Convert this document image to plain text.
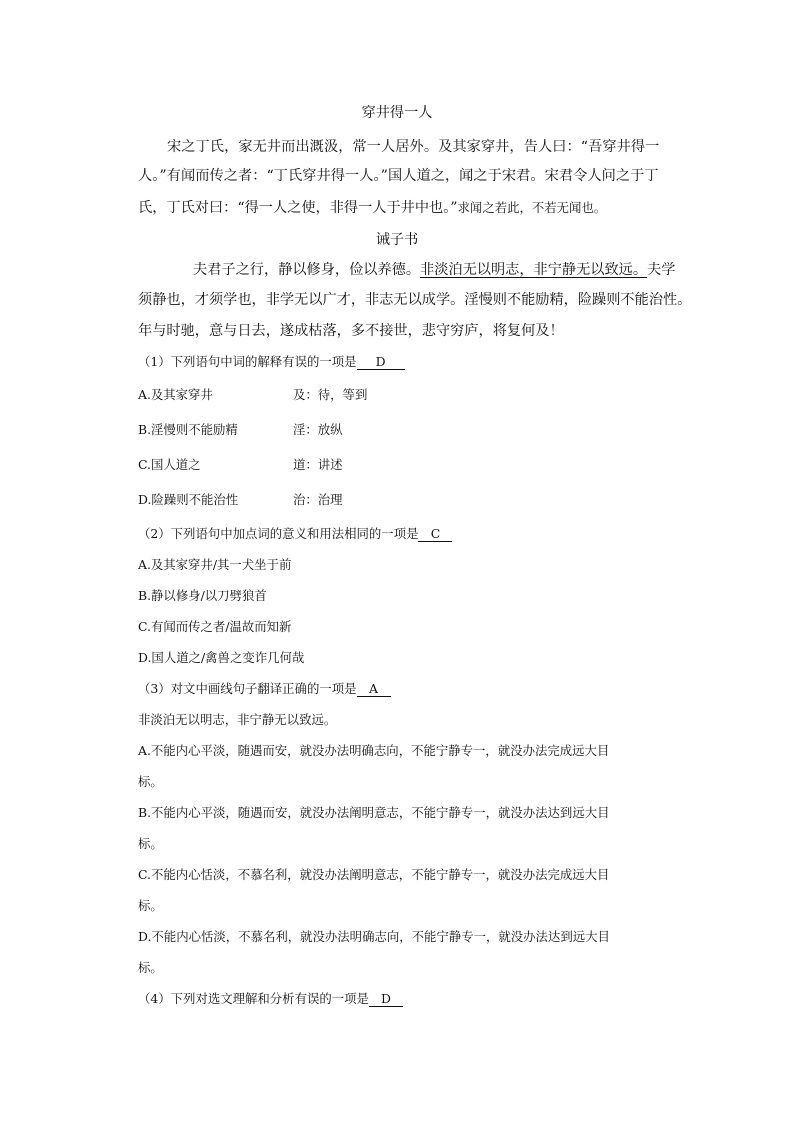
穿井得一人
宋之丁氏，家无井而出溉汲，常一人居外。及其家穿井，告人曰：“吾穿井得一
人。”有闻而传之者：“丁氏穿井得一人。”国人道之，闻之于宋君。宋君令人问之于丁
氏，丁氏对曰：“得一人之使，非得一人于井中也。”求闻之若此，不若无闻也。
诫子书
夫君子之行，静以修身，俭以养德。非淡泊无以明志，非宁静无以致远。夫学
须静也，才须学也，非学无以广才，非志无以成学。淫慢则不能励精，险躁则不能治性。
年与时驰，意与日去，遂成枯落，多不接世，悲守穷庐，将复何及！
（1）下列语句中词的解释有误的一项是 D
A.及其家穿井	及：待，等到
B.淫慢则不能励精	淫：放纵
C.国人道之	道：讲述
D.险躁则不能治性	治：治理
（2）下列语句中加点词的意义和用法相同的一项是 C
A.及其家穿井/其一犬坐于前
B.静以修身/以刀劈狼首
C.有闻而传之者/温故而知新
D.国人道之/禽兽之变诈几何哉
（3）对文中画线句子翻译正确的一项是 A
非淡泊无以明志，非宁静无以致远。
A.不能内心平淡，随遇而安，就没办法明确志向，不能宁静专一，就没办法完成远大目
标。
B.不能内心平淡，随遇而安，就没办法阐明意志，不能宁静专一，就没办法达到远大目
标。
C.不能内心恬淡，不慕名利，就没办法阐明意志，不能宁静专一，就没办法完成远大目
标。
D.不能内心恬淡，不慕名利，就没办法明确志向，不能宁静专一，就没办法达到远大目
标。
（4）下列对选文理解和分析有误的一项是 D
